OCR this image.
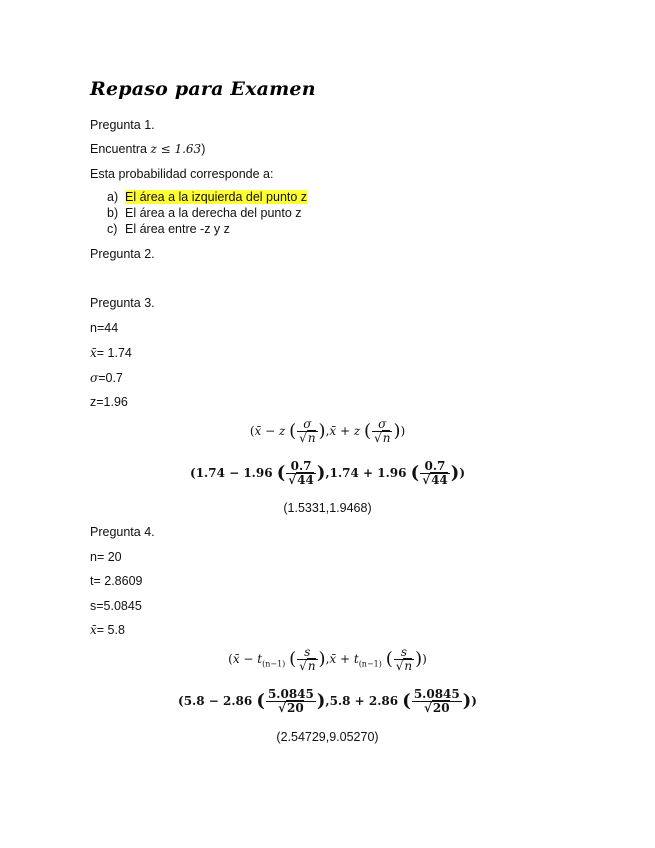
Repaso para Examen
Pregunta 1.
Encuentra z ≤ 1.63)
Esta probabilidad corresponde a:
a) El área a la izquierda del punto z
b) El área a la derecha del punto z
c) El área entre -z y z
Pregunta 2.
Pregunta 3.
n=44
x̄= 1.74
σ=0.7
z=1.96
(x̄ − z ( $\frac{\sigma}{√n}$ ),x̄ + z ( $\frac{\sigma}{√n}$ ))
(1.74 − 1.96 ( $\frac{0.7}{√44} ),1.74 + 1.96$ ( $\frac{0.7}{√44}$ ))
(1.5331,1.9468)
Pregunta 4.
n= 20
t= 2.8609
s=5.0845
x̄= 5.8
(x̄ − $t_{(n-1)}$ ( $\frac{s}{√n}$ ),x̄ + $t_{(n-1)}$ ( $\frac{s}{√n}$ ))
(5.8 − 2.86 ( $\frac{5.0845}{√20} ),5.8 + 2.86$ ( $\frac{5.0845}{√20}$ ))
(2.54729,9.05270)
